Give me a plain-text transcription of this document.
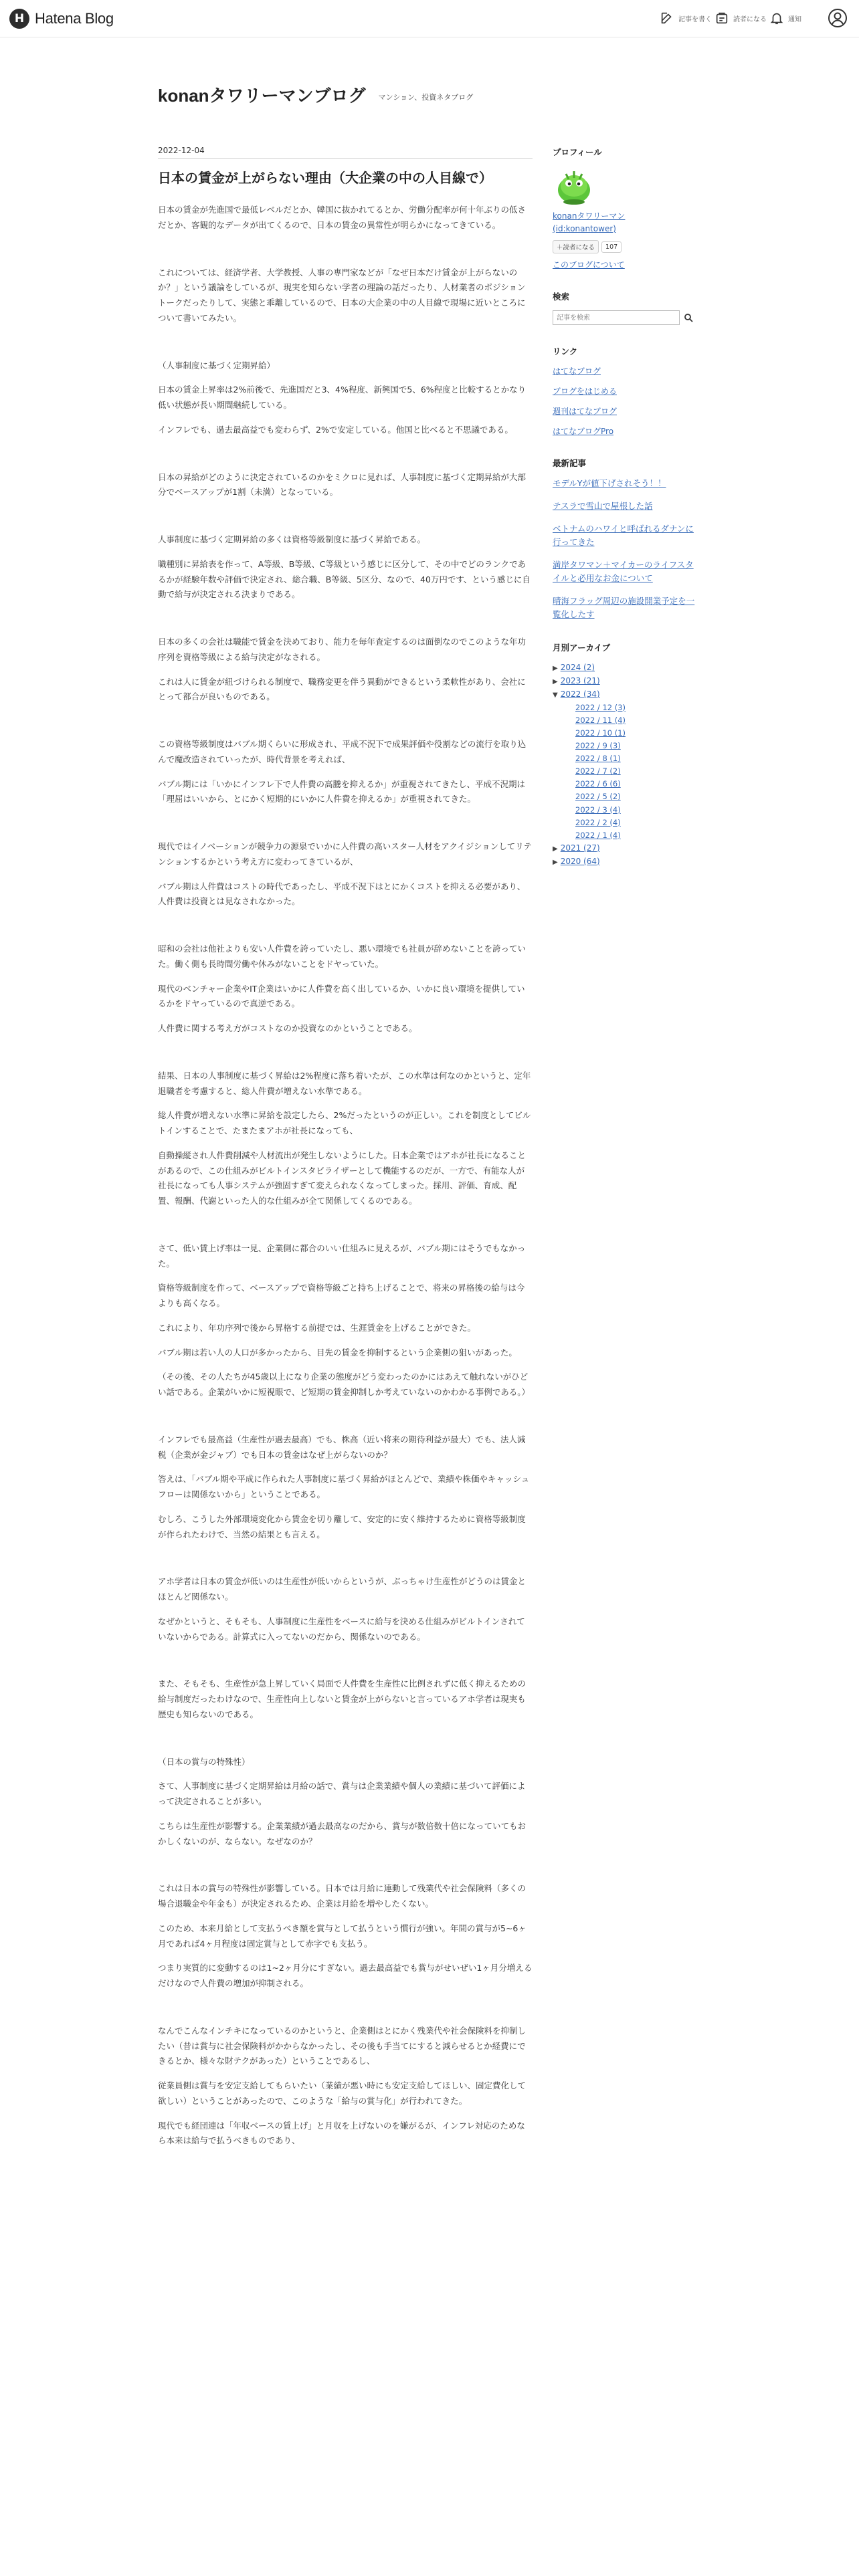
H Hatena Blog	記事を書く	読者になる	通知
konanタワリーマンブログ マンション、投資ネタブログ
2022-12-04
日本の賃金が上がらない理由（大企業の中の人目線で）

日本の賃金が先進国で最低レベルだとか、韓国に抜かれてるとか、労働分配率が何十年ぶりの低さだとか、客観的なデータが出てくるので、日本の賃金の異常性が明らかになってきている。

これについては、経済学者、大学教授、人事の専門家などが「なぜ日本だけ賃金が上がらないのか？」という議論をしているが、現実を知らない学者の理論の話だったり、人材業者のポジショントークだったりして、実態と乖離しているので、日本の大企業の中の人目線で現場に近いところについて書いてみたい。

（人事制度に基づく定期昇給）

日本の賃金上昇率は2%前後で、先進国だと3、4%程度、新興国で5、6%程度と比較するとかなり低い状態が長い期間継続している。

インフレでも、過去最高益でも変わらず、2%で安定している。他国と比べると不思議である。

日本の昇給がどのように決定されているのかをミクロに見れば、人事制度に基づく定期昇給が大部分でベースアップが1割（未満）となっている。

人事制度に基づく定期昇給の多くは資格等級制度に基づく昇給である。

職種別に昇給表を作って、A等級、B等級、C等級という感じに区分して、その中でどのランクであるかが経験年数や評価で決定され、総合職、B等級、5区分、なので、40万円です、という感じに自動で給与が決定される決まりである。

日本の多くの会社は職能で賃金を決めており、能力を毎年査定するのは面倒なのでこのような年功序列を資格等級による給与決定がなされる。

これは人に賃金が紐づけられる制度で、職務変更を伴う異動ができるという柔軟性があり、会社にとって都合が良いものである。

この資格等級制度はバブル期くらいに形成され、平成不況下で成果評価や役割などの流行を取り込んで魔改造されていったが、時代背景を考えれば、

バブル期には「いかにインフレ下で人件費の高騰を抑えるか」が重視されてきたし、平成不況期は「理屈はいいから、とにかく短期的にいかに人件費を抑えるか」が重視されてきた。

現代ではイノベーションが競争力の源泉でいかに人件費の高いスター人材をアクイジションしてリテンションするかという考え方に変わってきているが、

バブル期は人件費はコストの時代であったし、平成不況下はとにかくコストを抑える必要があり、人件費は投資とは見なされなかった。

昭和の会社は他社よりも安い人件費を誇っていたし、悪い環境でも社員が辞めないことを誇っていた。働く側も長時間労働や休みがないことをドヤっていた。

現代のベンチャー企業やIT企業はいかに人件費を高く出しているか、いかに良い環境を提供しているかをドヤっているので真逆である。

人件費に関する考え方がコストなのか投資なのかということである。

結果、日本の人事制度に基づく昇給は2%程度に落ち着いたが、この水準は何なのかというと、定年退職者を考慮すると、総人件費が増えない水準である。

総人件費が増えない水準に昇給を設定したら、2%だったというのが正しい。これを制度としてビルトインすることで、たまたまアホが社長になっても、

自動操縦され人件費削減や人材流出が発生しないようにした。日本企業ではアホが社長になることがあるので、この仕組みがビルトインスタビライザーとして機能するのだが、一方で、有能な人が社長になっても人事システムが強固すぎて変えられなくなってしまった。採用、評価、育成、配置、報酬、代謝といった人的な仕組みが全て関係してくるのである。

さて、低い賃上げ率は一見、企業側に都合のいい仕組みに見えるが、バブル期にはそうでもなかった。

資格等級制度を作って、ベースアップで資格等級ごと持ち上げることで、将来の昇格後の給与は今よりも高くなる。

これにより、年功序列で後から昇格する前提では、生涯賃金を上げることができた。

バブル期は若い人の人口が多かったから、目先の賃金を抑制するという企業側の狙いがあった。

（その後、その人たちが45歳以上になり企業の態度がどう変わったのかにはあえて触れないがひどい話である。企業がいかに短視眼で、ど短期の賃金抑制しか考えていないのかわかる事例である。）

インフレでも最高益（生産性が過去最高）でも、株高（近い将来の期待利益が最大）でも、法人減税（企業が金ジャブ）でも日本の賃金はなぜ上がらないのか？

答えは、「バブル期や平成に作られた人事制度に基づく昇給がほとんどで、業績や株価やキャッシュフローは関係ないから」ということである。

むしろ、こうした外部環境変化から賃金を切り離して、安定的に安く維持するために資格等級制度が作られたわけで、当然の結果とも言える。

アホ学者は日本の賃金が低いのは生産性が低いからというが、ぶっちゃけ生産性がどうのは賃金とほとんど関係ない。

なぜかというと、そもそも、人事制度に生産性をベースに給与を決める仕組みがビルトインされていないからである。計算式に入ってないのだから、関係ないのである。

また、そもそも、生産性が急上昇していく局面で人件費を生産性に比例されずに低く抑えるための給与制度だったわけなので、生産性向上しないと賃金が上がらないと言っているアホ学者は現実も歴史も知らないのである。

（日本の賞与の特殊性）

さて、人事制度に基づく定期昇給は月給の話で、賞与は企業業績や個人の業績に基づいて評価によって決定されることが多い。

こちらは生産性が影響する。企業業績が過去最高なのだから、賞与が数倍数十倍になっていてもおかしくないのが、ならない。なぜなのか？

これは日本の賞与の特殊性が影響している。日本では月給に連動して残業代や社会保険料（多くの場合退職金や年金も）が決定されるため、企業は月給を増やしたくない。

このため、本来月給として支払うべき額を賞与として払うという慣行が強い。年間の賞与が5~6ヶ月であれば4ヶ月程度は固定賞与として赤字でも支払う。

つまり実質的に変動するのは1~2ヶ月分にすぎない。過去最高益でも賞与がせいぜい1ヶ月分増えるだけなので人件費の増加が抑制される。

なんでこんなインチキになっているのかというと、企業側はとにかく残業代や社会保険料を抑制したい（昔は賞与に社会保険料がかからなかったし、その後も手当てにすると減らせるとか経費にできるとか、様々な財テクがあった）ということであるし、

従業員側は賞与を安定支給してもらいたい（業績が悪い時にも安定支給してほしい、固定費化して欲しい）ということがあったので、このような「給与の賞与化」が行われてきた。

現代でも経団連は「年収ベースの賃上げ」と月収を上げないのを嫌がるが、インフレ対応のためなら本来は給与で払うべきものであり、

プロフィール
konanタワリーマン
(id:konantower)
＋読者になる	107
このブログについて
検索
記事を検索
リンク
はてなブログ
ブログをはじめる
週刊はてなブログ
はてなブログPro
最新記事
モデルYが値下げされそう！！
テスラで雪山で屋根した話
ベトナムのハワイと呼ばれるダナンに行ってきた
満岸タワマン＋マイカーのライフスタイルと必用なお金について
晴海フラッグ周辺の施設開業予定を一覧化したす
月別アーカイブ
▶ 2024 (2)
▶ 2023 (21)
▼ 2022 (34)
2022 / 12 (3)
2022 / 11 (4)
2022 / 10 (1)
2022 / 9 (3)
2022 / 8 (1)
2022 / 7 (2)
2022 / 6 (6)
2022 / 5 (2)
2022 / 3 (4)
2022 / 2 (4)
2022 / 1 (4)
▶ 2021 (27)
▶ 2020 (64)
